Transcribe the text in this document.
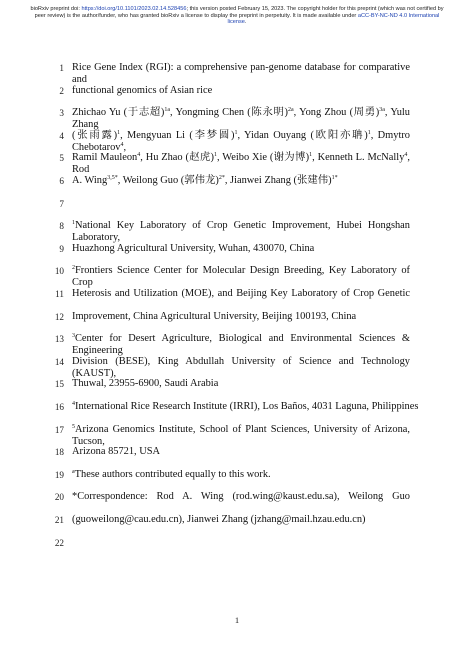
bioRxiv preprint doi: https://doi.org/10.1101/2023.02.14.528456; this version posted February 15, 2023. The copyright holder for this preprint (which was not certified by peer review) is the author/funder, who has granted bioRxiv a license to display the preprint in perpetuity. It is made available under aCC-BY-NC-ND 4.0 International license.
1 Rice Gene Index (RGI): a comprehensive pan-genome database for comparative and
2 functional genomics of Asian rice
3 Zhichao Yu (于志超)$^{1a}$, Yongming Chen (陈永明)$^{2a}$, Yong Zhou (周勇)$^{3a}$, Yulu Zhang
4 (张雨露)$^1$, Mengyuan Li (李梦圆)$^1$, Yidan Ouyang (欧阳亦聃)$^1$, Dmytro Chebotarov$^4$,
5 Ramil Mauleon$^4$, Hu Zhao (赵虎)$^1$, Weibo Xie (谢为博)$^1$, Kenneth L. McNally$^4$, Rod
6 A. Wing$^{3,5*}$, Weilong Guo (郭伟龙)$^{2*}$, Jianwei Zhang (张建伟)$^{1*}$
7
8 $^1$National Key Laboratory of Crop Genetic Improvement, Hubei Hongshan Laboratory,
9 Huazhong Agricultural University, Wuhan, 430070, China
10 $^2$Frontiers Science Center for Molecular Design Breeding, Key Laboratory of Crop
11 Heterosis and Utilization (MOE), and Beijing Key Laboratory of Crop Genetic
12 Improvement, China Agricultural University, Beijing 100193, China
13 $^3$Center for Desert Agriculture, Biological and Environmental Sciences & Engineering
14 Division (BESE), King Abdullah University of Science and Technology (KAUST),
15 Thuwal, 23955-6900, Saudi Arabia
16 $^4$International Rice Research Institute (IRRI), Los Baños, 4031 Laguna, Philippines
17 $^5$Arizona Genomics Institute, School of Plant Sciences, University of Arizona, Tucson,
18 Arizona 85721, USA
19 $^a$These authors contributed equally to this work.
20 *Correspondence: Rod A. Wing (rod.wing@kaust.edu.sa), Weilong Guo
21 (guoweilong@cau.edu.cn), Jianwei Zhang (jzhang@mail.hzau.edu.cn)
22
1
